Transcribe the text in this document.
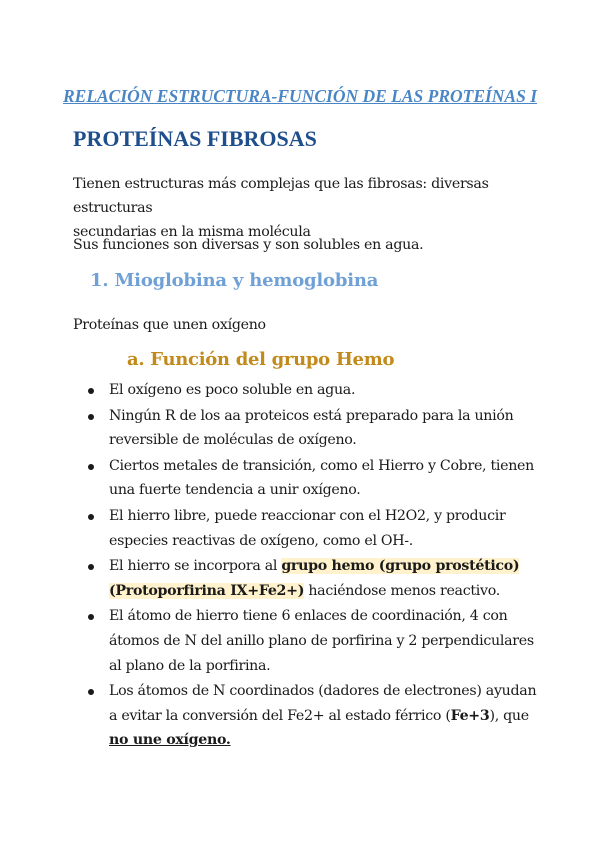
RELACIÓN ESTRUCTURA-FUNCIÓN DE LAS PROTEÍNAS I
PROTEÍNAS FIBROSAS

Tienen estructuras más complejas que las fibrosas: diversas estructuras
secundarias en la misma molécula

Sus funciones son diversas y son solubles en agua.

1. Mioglobina y hemoglobina

Proteínas que unen oxígeno

a. Función del grupo Hemo
El oxígeno es poco soluble en agua.
Ningún R de los aa proteicos está preparado para la unión reversible de moléculas de oxígeno.
Ciertos metales de transición, como el Hierro y Cobre, tienen una fuerte tendencia a unir oxígeno.
El hierro libre, puede reaccionar con el H2O2, y producir especies reactivas de oxígeno, como el OH-.
El hierro se incorpora al grupo hemo (grupo prostético) (Protoporfirina IX+Fe2+) haciéndose menos reactivo.
El átomo de hierro tiene 6 enlaces de coordinación, 4 con átomos de N del anillo plano de porfirina y 2 perpendiculares al plano de la porfirina.
Los átomos de N coordinados (dadores de electrones) ayudan a evitar la conversión del Fe2+ al estado férrico (Fe+3), que no une oxígeno.
